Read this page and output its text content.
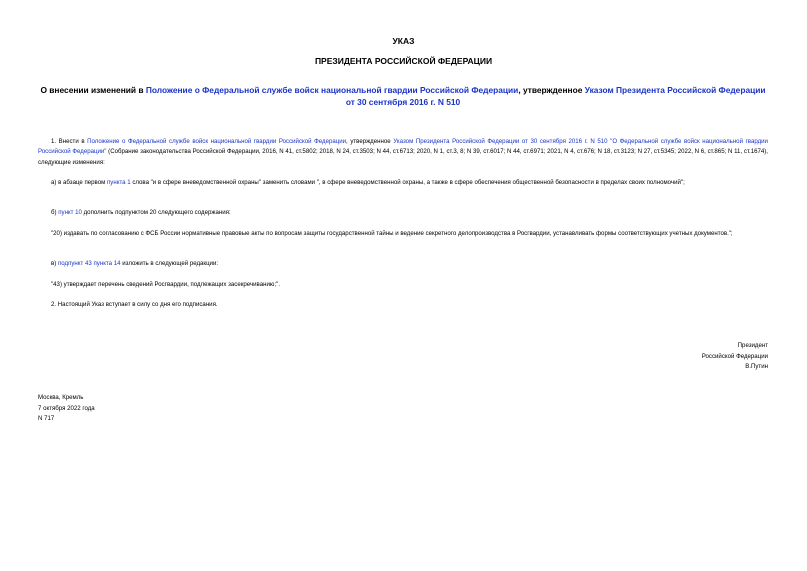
УКАЗ
ПРЕЗИДЕНТА РОССИЙСКОЙ ФЕДЕРАЦИИ
О внесении изменений в Положение о Федеральной службе войск национальной гвардии Российской Федерации, утвержденное Указом Президента Российской Федерации от 30 сентября 2016 г. N 510
1. Внести в Положение о Федеральной службе войск национальной гвардии Российской Федерации, утвержденное Указом Президента Российской Федерации от 30 сентября 2016 г. N 510 "О Федеральной службе войск национальной гвардии Российской Федерации" (Собрание законодательства Российской Федерации, 2016, N 41, ст.5802; 2018, N 24, ст.3503; N 44, ст.6713; 2020, N 1, ст.3, 8; N 39, ст.6017; N 44, ст.6971; 2021, N 4, ст.676; N 18, ст.3123; N 27, ст.5345; 2022, N 6, ст.865; N 11, ст.1674), следующие изменения:
а) в абзаце первом пункта 1 слова "и в сфере вневедомственной охраны" заменить словами ", в сфере вневедомственной охраны, а также в сфере обеспечения общественной безопасности в пределах своих полномочий";
б) пункт 10 дополнить подпунктом 20 следующего содержания:
"20) издавать по согласованию с ФСБ России нормативные правовые акты по вопросам защиты государственной тайны и ведение секретного делопроизводства в Росгвардии, устанавливать формы соответствующих учетных документов.";
в) подпункт 43 пункта 14 изложить в следующей редакции:
"43) утверждает перечень сведений Росгвардии, подлежащих засекречиванию;".
2. Настоящий Указ вступает в силу со дня его подписания.
Президент
Российской Федерации
В.Путин
Москва, Кремль
7 октября 2022 года
N 717
